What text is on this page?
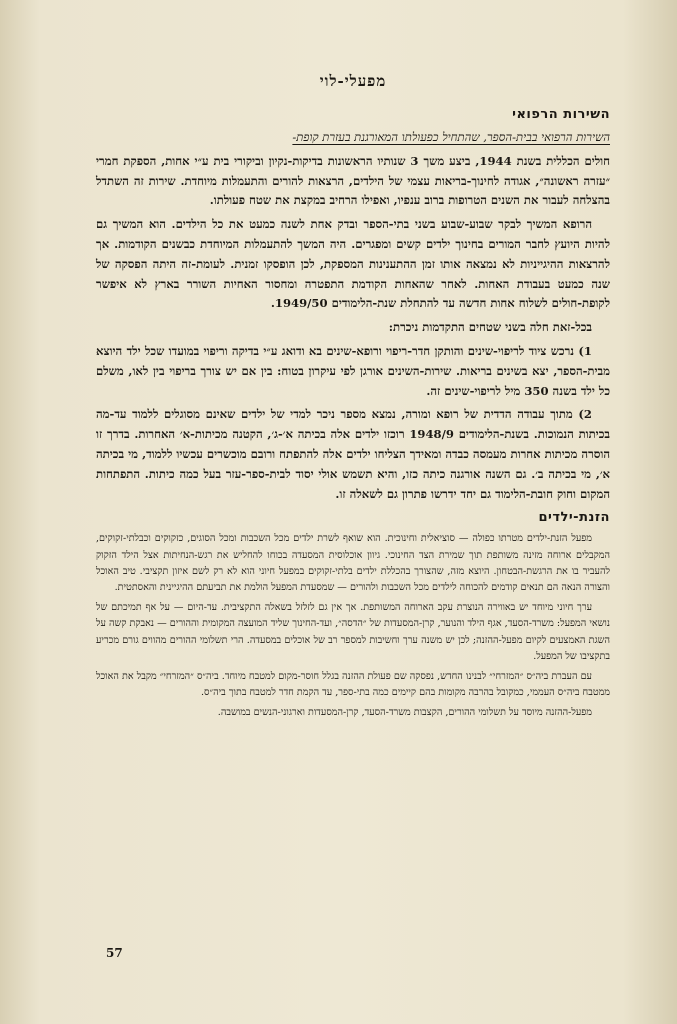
מפעלי-לוי
השירות הרפואי

השירות הרפואי בבית-הספר, שהתחיל כפעולתו המאורגנת בעזרת קופת-

חולים הכללית בשנת 1944, ביצע משך 3 שנותיו הראשונות בדיקות-נקיון וביקורי בית ע״י אחות, הספקת חמרי ״עזרה ראשונה״, אגודה לחינוך-בריאות עצמי של הילדים, הרצאות להורים והתעמלות מיוחדת. שירות זה השתדל בהצלחה לעבור את השנים הטרופות ברוב ענפיו, ואפילו הרחיב במקצת את שטח פעולתו.

הרופא המשיך לבקר שבוע-שבוע בשני בתי-הספר ובדק אחת לשנה כמעט את כל הילדים. הוא המשיך גם להיות היועץ לחבר המורים בחינוך ילדים קשים ומפגרים. היה המשך להתעמלות המיוחדת כבשנים הקודמות. אך להרצאות ההיגייניות לא נמצאה אותו זמן ההתענינות המספקת, לכן הופסקו זמנית. לעומת-זה היתה הפסקה של שנה כמעט בעבודת האחות. לאחר שהאחות הקודמת התפטרה ומחסור האחיות השורר בארץ לא איפשר לקופת-חולים לשלוח אחות חדשה עד להתחלת שנת-הלימודים 1949/50.

בכל-זאת חלה בשני שטחים התקדמות ניכרת:

1) נרכש ציוד לריפוי-שינים והותקן חדר-ריפוי ורופא-שינים בא ודואג ע״י בדיקה וריפוי במועדו שכל ילד היוצא מבית-הספר, יצא בשינים בריאות. שירות-השינים אורגן לפי עיקרון בטוח: בין אם יש צורך בריפוי בין לאו, משלם כל ילד בשנה 350 מיל לריפוי-שינים זה.

2) מתוך עבודה הדדית של רופא ומורה, נמצא מספר ניכר למדי של ילדים שאינם מסוגלים ללמוד עד-מה בכיתות הנמוכות. בשנת-הלימודים 1948/9 רוכזו ילדים אלה בכיתה א׳-ג׳, הקטנה מכיתות-א׳ האחרות. בדרך זו הוסרה מכיתות אחרות מעמסה כבדה ומאידך הצליחו ילדים אלה להתפתח ורובם מוכשרים עכשיו ללמוד, מי בכיתה א׳, מי בכיתה ב׳. גם השנה אורגנה כיתה כזו, והיא תשמש אולי יסוד לבית-ספר-עזר בעל כמה כיתות. התפתחות המקום וחוק חובת-הלימוד גם יחד ידרשו פתרון גם לשאלה זו.

הזנת-ילדים

מפעל הזנת-ילדים מטרתו כפולה — סוציאלית וחינוכית. הוא שואף לשרת ילדים מכל השכבות ומכל הסוגים, כזקוקים וכבלתי-זקוקים, המקבלים ארוחה מזינה משותפת תוך שמירת הצד החינוכי. גיוון אוכלוסית המסעדה בכוחו להחליש את רגש-הנחיתות אצל הילד הזקוק להעביר בו את הרגשת-הבטחון. היוצא מזה, שהצורך בהכללת ילדים בלתי-זקוקים במפעל חיוני הוא לא רק לשם איזון תקציבי. טיב האוכל והצורה הנאה הם תנאים קודמים להכוחה לילדים מכל השכבות ולהורים — שמסעדת המפעל הולמת את תביעתם ההיגיינית והאסתטית.

ערך חיוני מיוחד יש באווירה הנוצרת עקב הארוחה המשותפת. אך אין גם לזלזל בשאלה התקציבית. עד-היום — על אף תמיכתם של נושאי המפעל: משרד-הסעד, אגף הילד והנוער, קרן-המסעדות של ״הדסה״, ועד-החינוך שליד המועצה המקומית וההורים — נאבקת קשה על השגת האמצעים לקיום מפעל-ההזנה; לכן יש משנה ערך וחשיבות למספר רב של אוכלים במסעדה. הרי תשלומי ההורים מהווים גורם מכריע בתקציבו של המפעל.

עם העברת ביה״ס ״המזרחי״ לבנינו החדש, נפסקה שם פעולת ההזנה בגלל חוסר-מקום למטבח מיוחד. ביה״ס ״המזרחי״ מקבל את האוכל ממטבח ביה״ס העממי, כמקובל בהרבה מקומות בהם קיימים כמה בתי-ספר, עד הקמת חדר למטבח בתוך ביה״ס.

מפעל-ההזנה מיוסד על תשלומי ההורים, הקצבות משרד-הסעד, קרן-המסעדות וארגוני-הנשים במושבה.

57
